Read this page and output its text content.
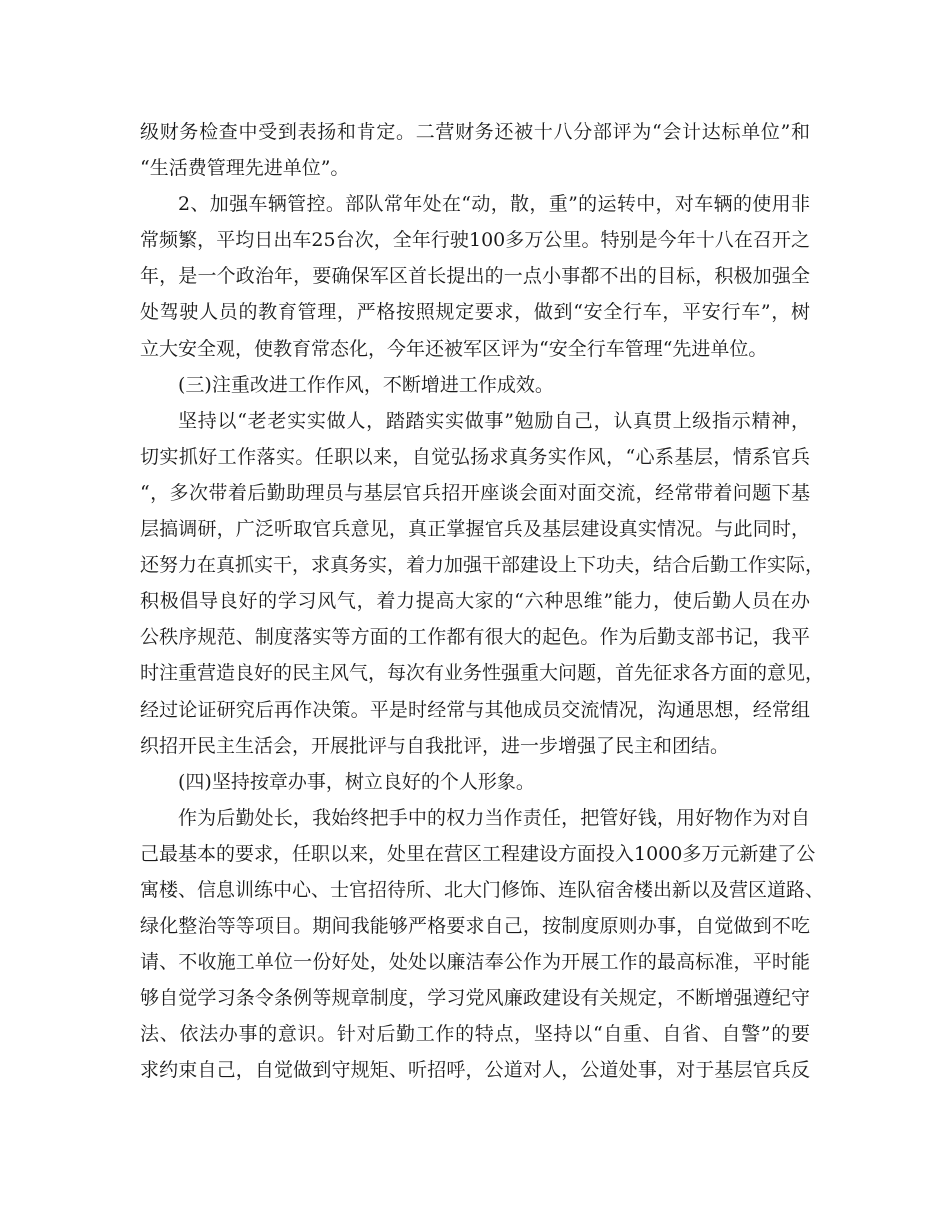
级财务检查中受到表扬和肯定。二营财务还被十八分部评为“会计达标单位”和
“生活费管理先进单位”。
2、加强车辆管控。部队常年处在“动，散，重”的运转中，对车辆的使用非
常频繁，平均日出车25台次，全年行驶100多万公里。特别是今年十八在召开之
年，是一个政治年，要确保军区首长提出的一点小事都不出的目标，积极加强全
处驾驶人员的教育管理，严格按照规定要求，做到“安全行车，平安行车”，树
立大安全观，使教育常态化，今年还被军区评为“安全行车管理“先进单位。
(三)注重改进工作作风，不断增进工作成效。
坚持以“老老实实做人，踏踏实实做事”勉励自己，认真贯上级指示精神，
切实抓好工作落实。任职以来，自觉弘扬求真务实作风，“心系基层，情系官兵
“，多次带着后勤助理员与基层官兵招开座谈会面对面交流，经常带着问题下基
层搞调研，广泛听取官兵意见，真正掌握官兵及基层建设真实情况。与此同时，
还努力在真抓实干，求真务实，着力加强干部建设上下功夫，结合后勤工作实际，
积极倡导良好的学习风气，着力提高大家的“六种思维”能力，使后勤人员在办
公秩序规范、制度落实等方面的工作都有很大的起色。作为后勤支部书记，我平
时注重营造良好的民主风气，每次有业务性强重大问题，首先征求各方面的意见，
经过论证研究后再作决策。平是时经常与其他成员交流情况，沟通思想，经常组
织招开民主生活会，开展批评与自我批评，进一步增强了民主和团结。
(四)坚持按章办事，树立良好的个人形象。
作为后勤处长，我始终把手中的权力当作责任，把管好钱，用好物作为对自
己最基本的要求，任职以来，处里在营区工程建设方面投入1000多万元新建了公
寓楼、信息训练中心、士官招待所、北大门修饰、连队宿舍楼出新以及营区道路、
绿化整治等等项目。期间我能够严格要求自己，按制度原则办事，自觉做到不吃
请、不收施工单位一份好处，处处以廉洁奉公作为开展工作的最高标准，平时能
够自觉学习条令条例等规章制度，学习党风廉政建设有关规定，不断增强遵纪守
法、依法办事的意识。针对后勤工作的特点，坚持以“自重、自省、自警”的要
求约束自己，自觉做到守规矩、听招呼，公道对人，公道处事，对于基层官兵反
